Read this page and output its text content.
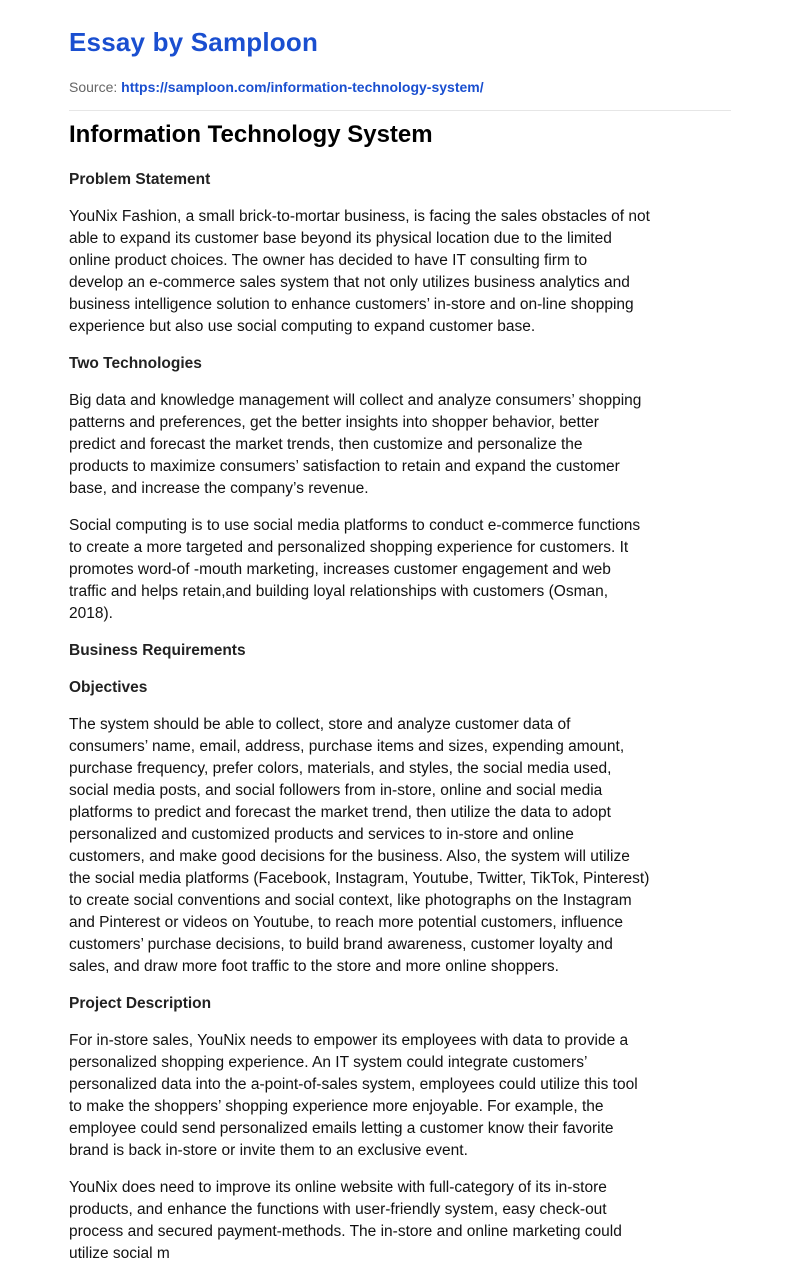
Essay by Samploon
Source: https://samploon.com/information-technology-system/
Information Technology System
Problem Statement
YouNix Fashion, a small brick-to-mortar business, is facing the sales obstacles of not
able to expand its customer base beyond its physical location due to the limited
online product choices. The owner has decided to have IT consulting firm to
develop an e-commerce sales system that not only utilizes business analytics and
business intelligence solution to enhance customers’ in-store and on-line shopping
experience but also use social computing to expand customer base.
Two Technologies
Big data and knowledge management will collect and analyze consumers’ shopping
patterns and preferences, get the better insights into shopper behavior, better
predict and forecast the market trends, then customize and personalize the
products to maximize consumers’ satisfaction to retain and expand the customer
base, and increase the company’s revenue.
Social computing is to use social media platforms to conduct e-commerce functions
to create a more targeted and personalized shopping experience for customers. It
promotes word-of -mouth marketing, increases customer engagement and web
traffic and helps retain,and building loyal relationships with customers (Osman,
2018).
Business Requirements
Objectives
The system should be able to collect, store and analyze customer data of
consumers’ name, email, address, purchase items and sizes, expending amount,
purchase frequency, prefer colors, materials, and styles, the social media used,
social media posts, and social followers from in-store, online and social media
platforms to predict and forecast the market trend, then utilize the data to adopt
personalized and customized products and services to in-store and online
customers, and make good decisions for the business. Also, the system will utilize
the social media platforms (Facebook, Instagram, Youtube, Twitter, TikTok, Pinterest)
to create social conventions and social context, like photographs on the Instagram
and Pinterest or videos on Youtube, to reach more potential customers, influence
customers’ purchase decisions, to build brand awareness, customer loyalty and
sales, and draw more foot traffic to the store and more online shoppers.
Project Description
For in-store sales, YouNix needs to empower its employees with data to provide a
personalized shopping experience. An IT system could integrate customers’
personalized data into the a-point-of-sales system, employees could utilize this tool
to make the shoppers’ shopping experience more enjoyable. For example, the
employee could send personalized emails letting a customer know their favorite
brand is back in-store or invite them to an exclusive event.
YouNix does need to improve its online website with full-category of its in-store
products, and enhance the functions with user-friendly system, easy check-out
process and secured payment-methods. The in-store and online marketing could
utilize social m
